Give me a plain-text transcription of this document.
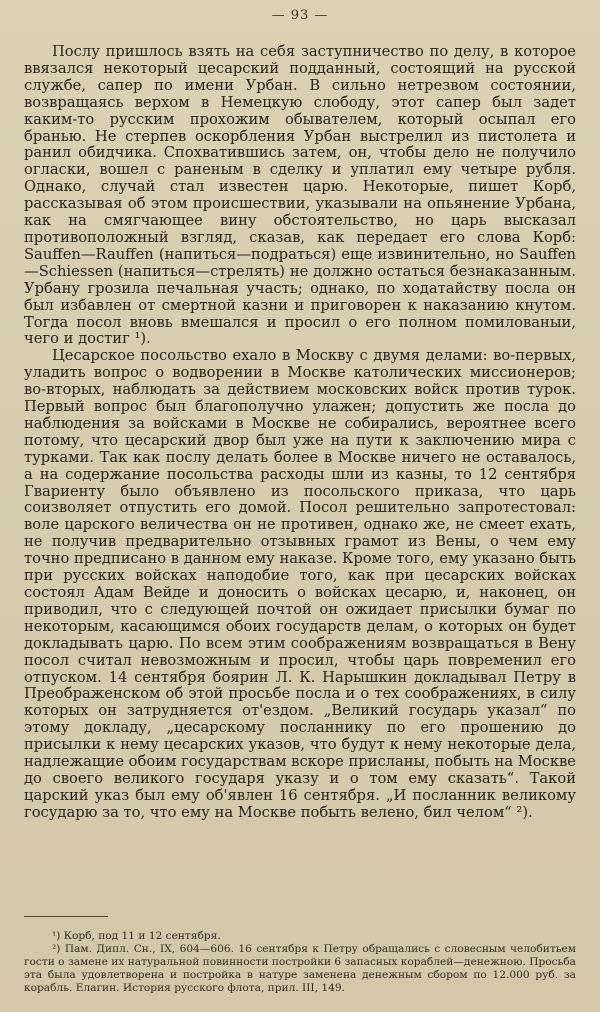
— 93 —

Послу пришлось взять на себя заступничество по делу, в которое ввязался некоторый цесарский подданный, состоящий на русской службе, сапер по имени Урбан. В сильно нетрезвом состоянии, возвращаясь верхом в Немецкую слободу, этот сапер был задет каким-то русским прохожим обывателем, который осыпал его бранью. Не стерпев оскорбления Урбан выстрелил из пистолета и ранил обидчика. Спохватившись затем, он, чтобы дело не получило огласки, вошел с раненым в сделку и уплатил ему четыре рубля. Однако, случай стал известен царю. Некоторые, пишет Корб, рассказывая об этом происшествии, указывали на опьянение Урбана, как на смягчающее вину обстоятельство, но царь высказал противоположный взгляд, сказав, как передает его слова Корб: Sauffen—Rauffen (напиться—подраться) еще извинительно, но Sauffen—Schiessen (напиться—стрелять) не должно остаться безнаказанным. Урбану грозила печальная участь; однако, по ходатайству посла он был избавлен от смертной казни и приговорен к наказанию кнутом. Тогда посол вновь вмешался и просил о его полном помилованыи, чего и достиг ¹).

Цесарское посольство ехало в Москву с двумя делами: во-первых, уладить вопрос о водворении в Москве католических миссионеров; во-вторых, наблюдать за действием московских войск против турок. Первый вопрос был благополучно улажен; допустить же посла до наблюдения за войсками в Москве не собирались, вероятнее всего потому, что цесарский двор был уже на пути к заключению мира с турками. Так как послу делать более в Москве ничего не оставалось, а на содержание посольства расходы шли из казны, то 12 сентября Гвариенту было объявлено из посольского приказа, что царь соизволяет отпустить его домой. Посол решительно запротестовал: воле царского величества он не противен, однако же, не смеет ехать, не получив предварительно отзывных грамот из Вены, о чем ему точно предписано в данном ему наказе. Кроме того, ему указано быть при русских войсках наподобие того, как при цесарских войсках состоял Адам Вейде и доносить о войсках цесарю, и, наконец, он приводил, что с следующей почтой он ожидает присылки бумаг по некоторым, касающимся обоих государств делам, о которых он будет докладывать царю. По всем этим соображениям возвращаться в Вену посол считал невозможным и просил, чтобы царь повременил его отпуском. 14 сентября боярин Л. К. Нарышкин докладывал Петру в Преображенском об этой просьбе посла и о тех соображениях, в силу которых он затрудняется от'ездом. „Великий государь указал“ по этому докладу, „цесарскому посланнику по его прошению до присылки к нему цесарских указов, что будут к нему некоторые дела, надлежащие обоим государствам вскоре присланы, побыть на Москве до своего великого государя указу и о том ему сказать“. Такой царский указ был ему об'явлен 16 сентября. „И посланник великому государю за то, что ему на Москве побыть велено, бил челом“ ²).

¹) Корб, под 11 и 12 сентября.

²) Пам. Дипл. Сн., IX, 604—606. 16 сентября к Петру обращались с словесным челобитьем гости о замене их натуральной повинности постройки 6 запасных кораблей—денежною. Просьба эта была удовлетворена и постройка в натуре заменена денежным сбором по 12.000 руб. за корабль. Елагин. История русского флота, прил. III, 149.
